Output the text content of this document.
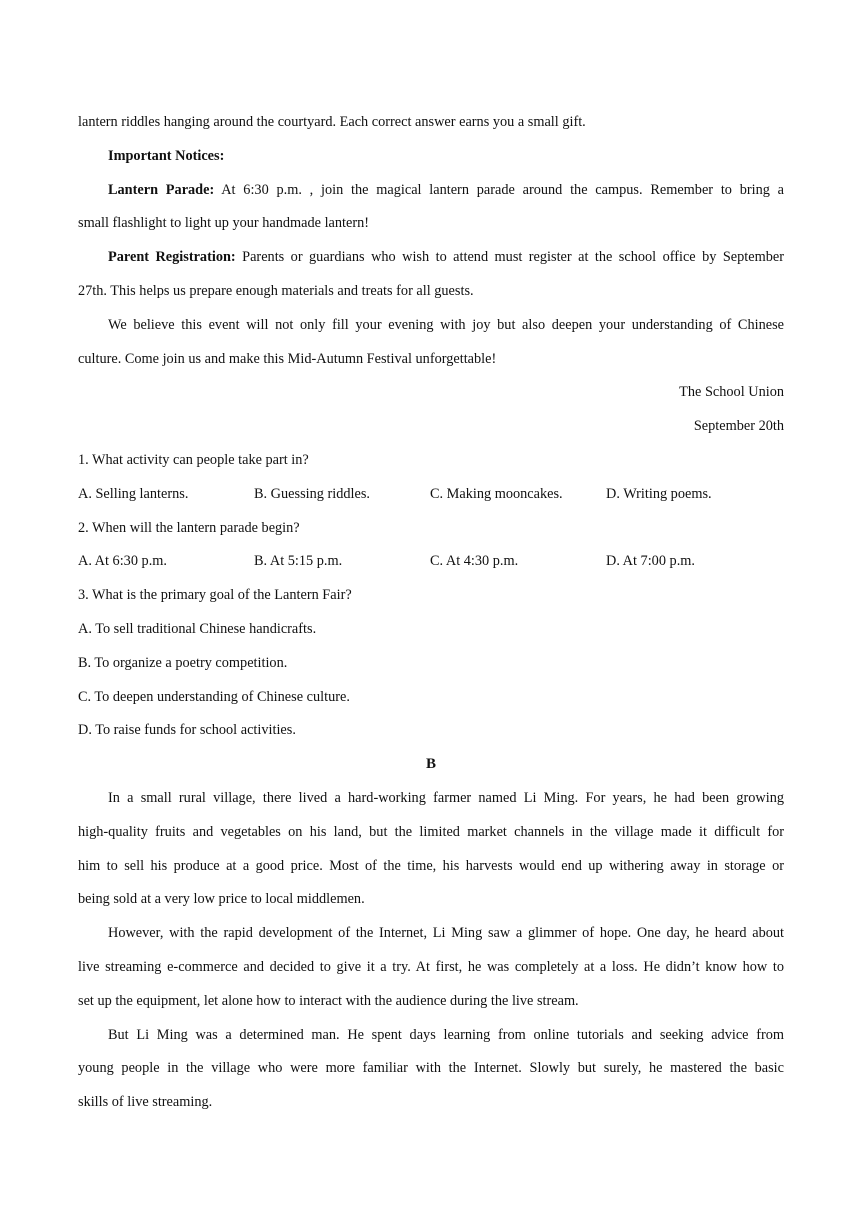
lantern riddles hanging around the courtyard. Each correct answer earns you a small gift.
Important Notices:
Lantern Parade: At 6:30 p.m. , join the magical lantern parade around the campus. Remember to bring a
small flashlight to light up your handmade lantern!
Parent Registration: Parents or guardians who wish to attend must register at the school office by September
27th. This helps us prepare enough materials and treats for all guests.
We believe this event will not only fill your evening with joy but also deepen your understanding of Chinese
culture. Come join us and make this Mid-Autumn Festival unforgettable!
The School Union
September 20th
1. What activity can people take part in?
A. Selling lanterns.	B. Guessing riddles.	C. Making mooncakes.	D. Writing poems.
2. When will the lantern parade begin?
A. At 6:30 p.m.	B. At 5:15 p.m.	C. At 4:30 p.m.	D. At 7:00 p.m.
3. What is the primary goal of the Lantern Fair?
A. To sell traditional Chinese handicrafts.
B. To organize a poetry competition.
C. To deepen understanding of Chinese culture.
D. To raise funds for school activities.
B
In a small rural village, there lived a hard-working farmer named Li Ming. For years, he had been growing
high-quality fruits and vegetables on his land, but the limited market channels in the village made it difficult for
him to sell his produce at a good price. Most of the time, his harvests would end up withering away in storage or
being sold at a very low price to local middlemen.
However, with the rapid development of the Internet, Li Ming saw a glimmer of hope. One day, he heard about
live streaming e-commerce and decided to give it a try. At first, he was completely at a loss. He didn’t know how to
set up the equipment, let alone how to interact with the audience during the live stream.
But Li Ming was a determined man. He spent days learning from online tutorials and seeking advice from
young people in the village who were more familiar with the Internet. Slowly but surely, he mastered the basic
skills of live streaming.
